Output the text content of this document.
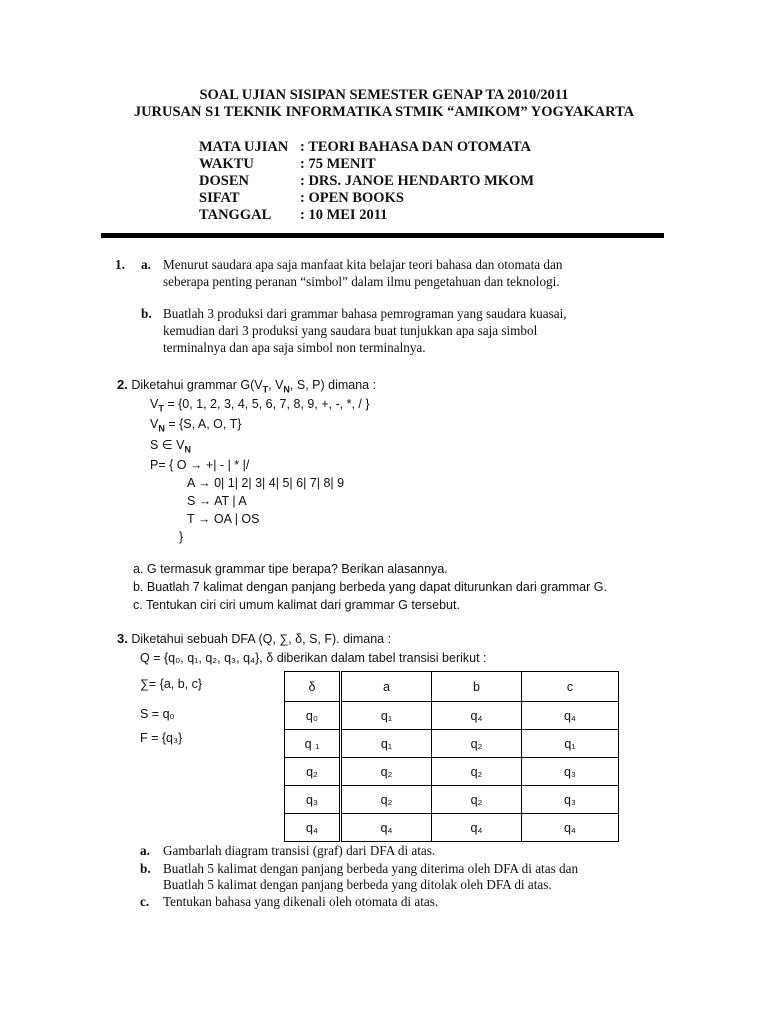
SOAL UJIAN SISIPAN SEMESTER GENAP TA 2010/2011
JURUSAN S1 TEKNIK INFORMATIKA STMIK “AMIKOM” YOGYAKARTA
MATA UJIAN : TEORI BAHASA DAN OTOMATA
WAKTU	: 75 MENIT
DOSEN	: DRS. JANOE HENDARTO MKOM
SIFAT	: OPEN BOOKS
TANGGAL : 10 MEI 2011
1. a. Menurut saudara apa saja manfaat kita belajar teori bahasa dan otomata dan
seberapa penting peranan “simbol” dalam ilmu pengetahuan dan teknologi.
b. Buatlah 3 produksi dari grammar bahasa pemrograman yang saudara kuasai,
kemudian dari 3 produksi yang saudara buat tunjukkan apa saja simbol
terminalnya dan apa saja simbol non terminalnya.
2. Diketahui grammar $G(V_T$, $V_N$, S, P) dimana :
$V_T = \{0$, 1, 2, 3, 4, 5, 6, 7, 8, 9, +, -, *, / }
$V_N = \{S$, A, O, T}
S ∈ $V_N$
P= { O → +| - | * |/
A → 0| 1| 2| 3| 4| 5| 6| 7| 8| 9
S → AT | A
T → OA | OS
}
a. G termasuk grammar tipe berapa? Berikan alasannya.
b. Buatlah 7 kalimat dengan panjang berbeda yang dapat diturunkan dari grammar G.
c. Tentukan ciri ciri umum kalimat dari grammar G tersebut.
3. Diketahui sebuah DFA (Q, ∑, δ, S, F). dimana :
Q = {q₀, q₁, q₂, q₃, q₄}, δ diberikan dalam tabel transisi berikut :
∑= {a, b, c}
S = q₀
F = {q₃}
δ	a	b	c
q₀	q₁	q₄	q₄
q ₁	q₁	q₂	q₁
q₂	q₂	q₂	q₃
q₃	q₂	q₂	q₃
q₄	q₄	q₄	q₄
a. Gambarlah diagram transisi (graf) dari DFA di atas.
b. Buatlah 5 kalimat dengan panjang berbeda yang diterima oleh DFA di atas dan
Buatlah 5 kalimat dengan panjang berbeda yang ditolak oleh DFA di atas.
c. Tentukan bahasa yang dikenali oleh otomata di atas.
